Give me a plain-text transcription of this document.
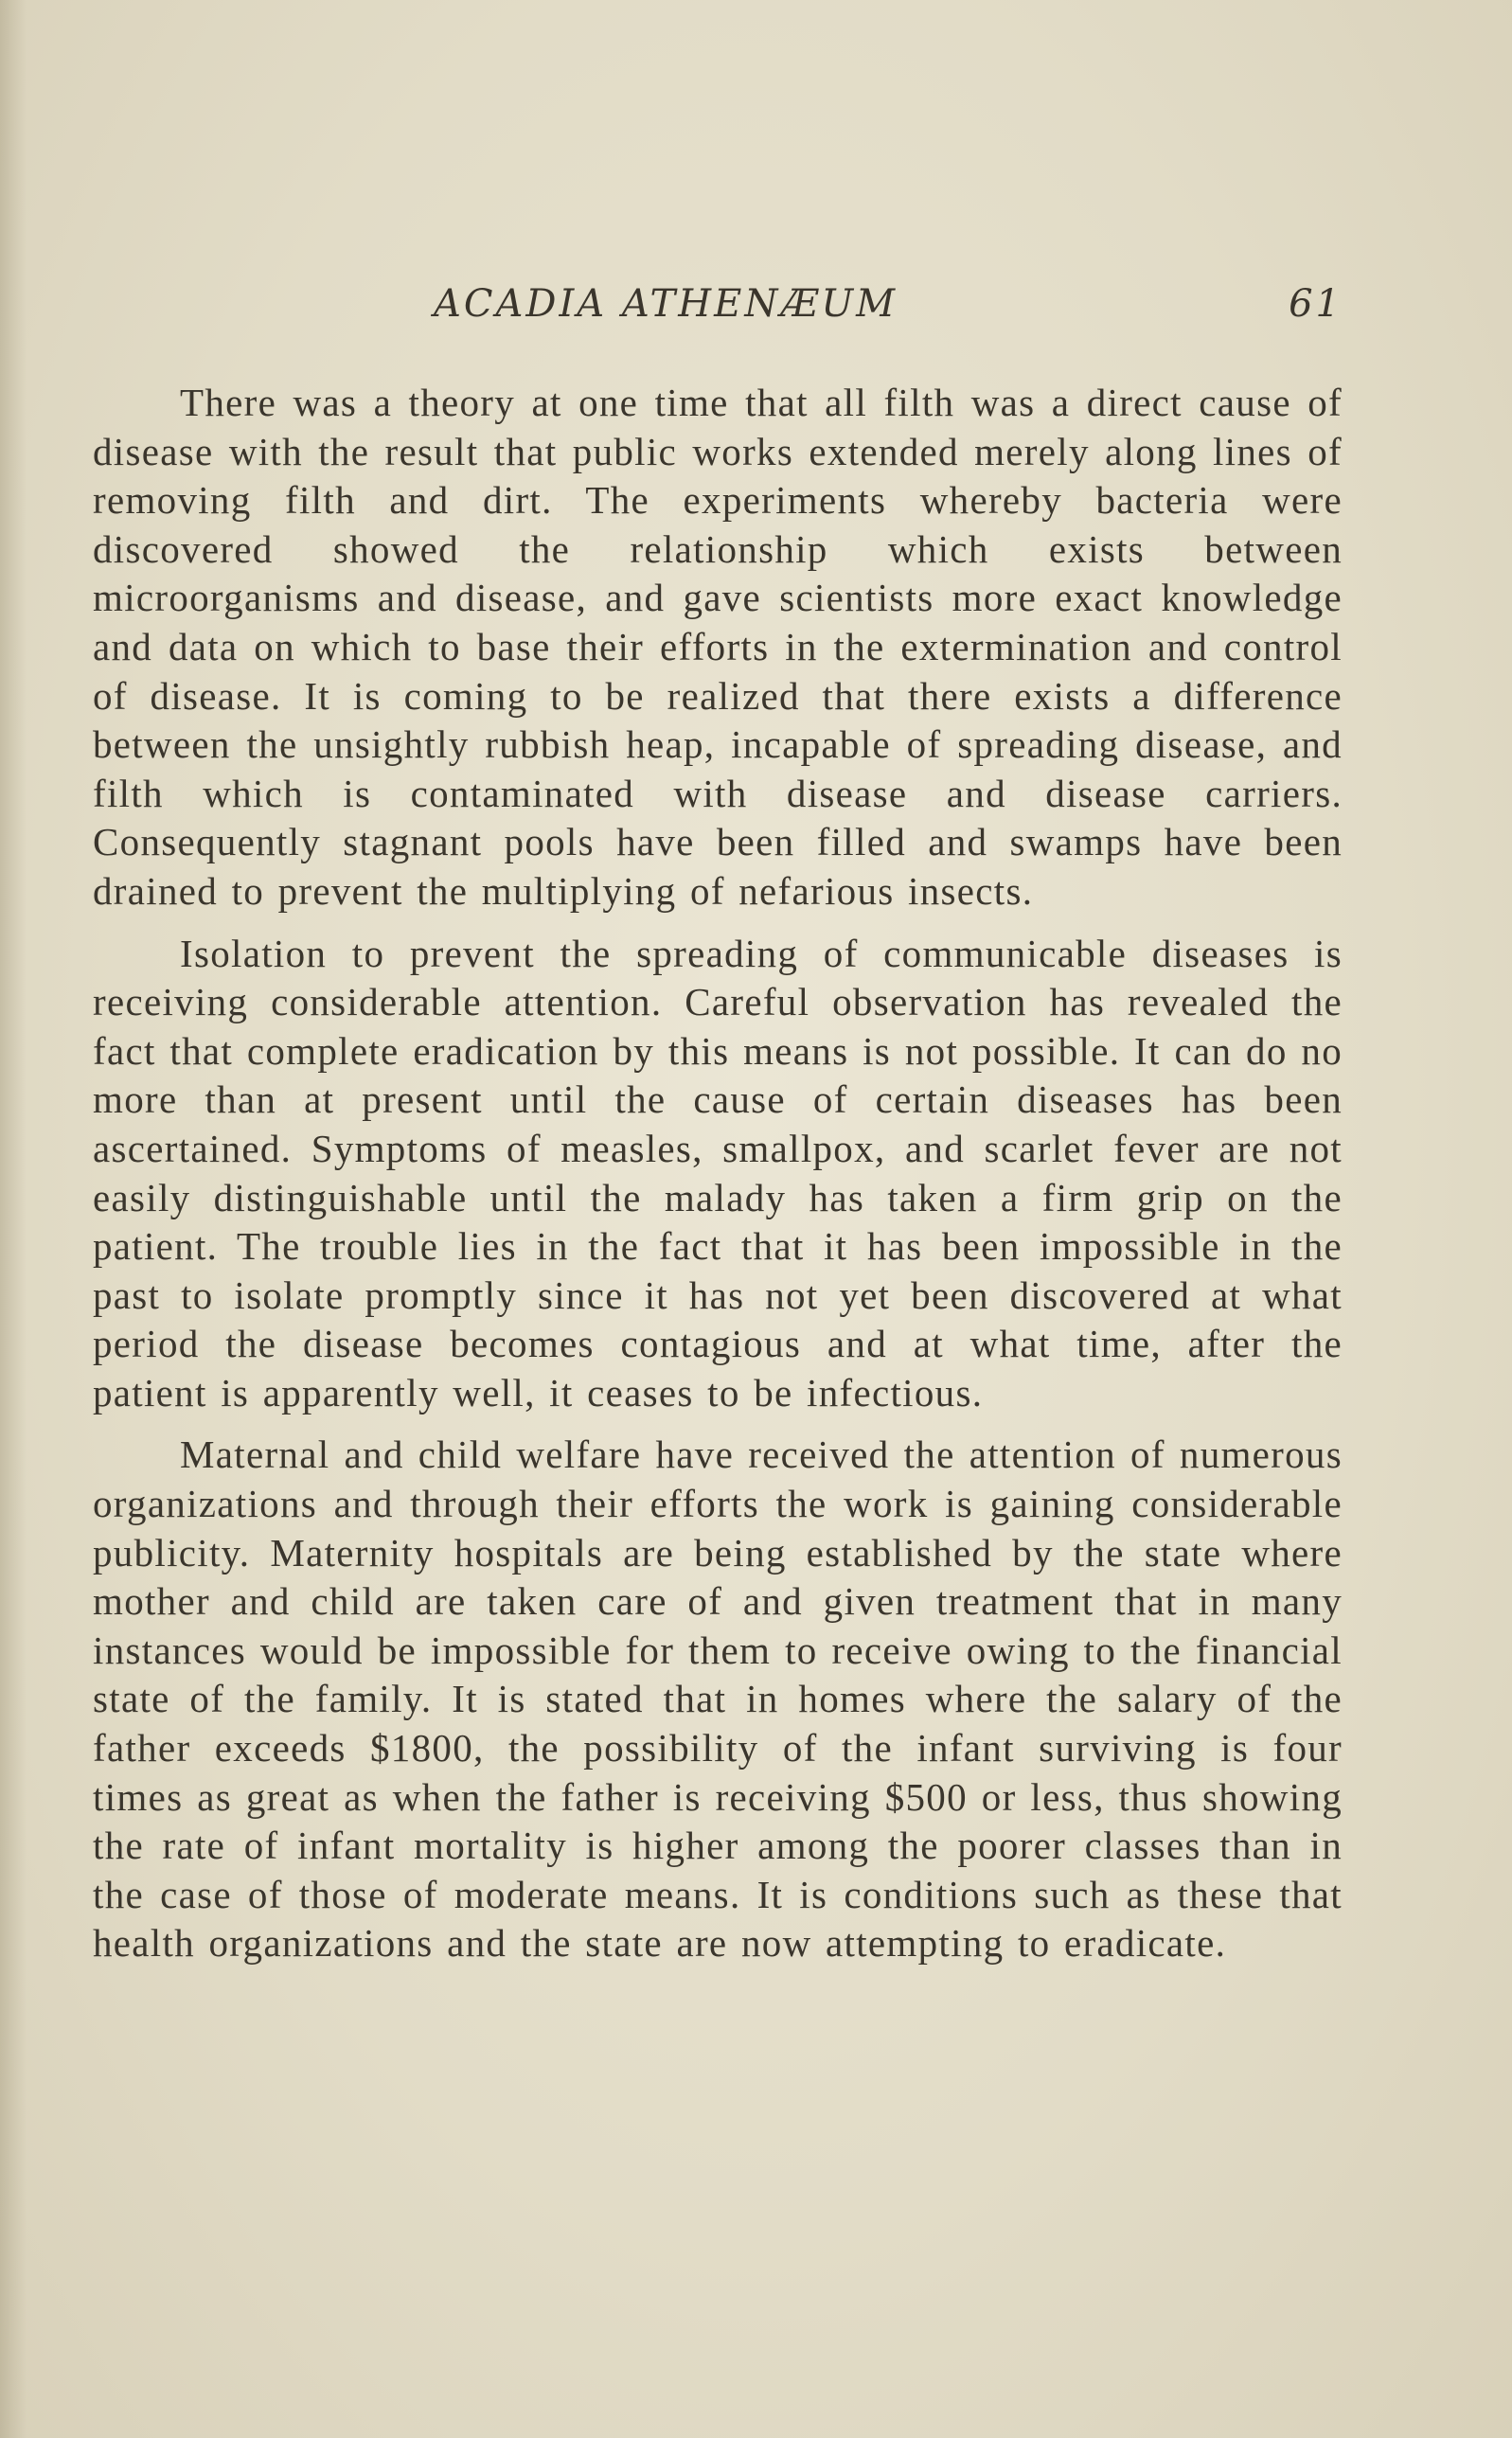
ACADIA ATHENÆUM	61

There was a theory at one time that all filth was a direct cause of disease with the result that public works extended merely along lines of removing filth and dirt. The experiments whereby bacteria were discovered showed the relationship which exists between microorganisms and disease, and gave scientists more exact knowledge and data on which to base their efforts in the extermination and control of disease. It is coming to be realized that there exists a difference between the unsightly rubbish heap, incapable of spreading disease, and filth which is contaminated with disease and disease carriers. Consequently stagnant pools have been filled and swamps have been drained to prevent the multiplying of nefarious insects.

Isolation to prevent the spreading of communicable diseases is receiving considerable attention. Careful observation has revealed the fact that complete eradication by this means is not possible. It can do no more than at present until the cause of certain diseases has been ascertained. Symptoms of measles, smallpox, and scarlet fever are not easily distinguishable until the malady has taken a firm grip on the patient. The trouble lies in the fact that it has been impossible in the past to isolate promptly since it has not yet been discovered at what period the disease becomes contagious and at what time, after the patient is apparently well, it ceases to be infectious.

Maternal and child welfare have received the attention of numerous organizations and through their efforts the work is gaining considerable publicity. Maternity hospitals are being established by the state where mother and child are taken care of and given treatment that in many instances would be impossible for them to receive owing to the financial state of the family. It is stated that in homes where the salary of the father exceeds $1800, the possibility of the infant surviving is four times as great as when the father is receiving $500 or less, thus showing the rate of infant mortality is higher among the poorer classes than in the case of those of moderate means. It is conditions such as these that health organizations and the state are now attempting to eradicate.
